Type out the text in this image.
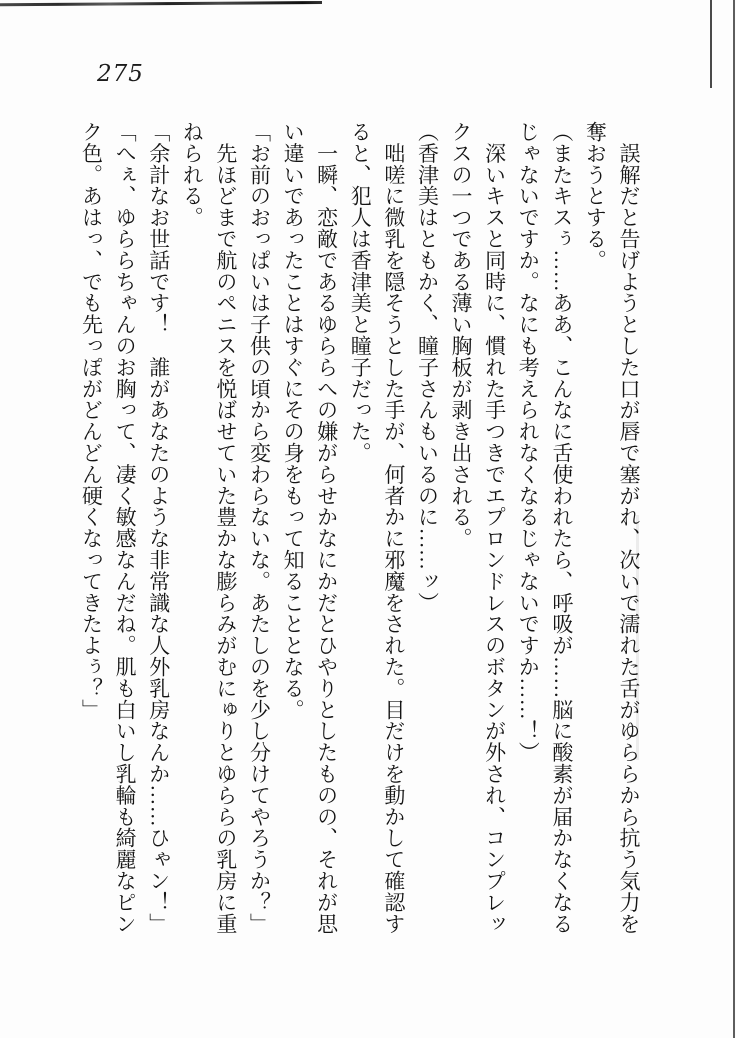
275
　誤解だと告げようとした口が唇で塞がれ、次いで濡れた舌がゆららから抗う気力を
奪おうとする。
（またキスぅ……ああ、こんなに舌使われたら、呼吸が……脳に酸素が届かなくなる
じゃないですか。なにも考えられなくなるじゃないですか……！）
　深いキスと同時に、慣れた手つきでエプロンドレスのボタンが外され、コンプレッ
クスの一つである薄い胸板が剥き出される。
（香津美はともかく、瞳子さんもいるのに……ッ）
　咄嗟に微乳を隠そうとした手が、何者かに邪魔をされた。目だけを動かして確認す
ると、犯人は香津美と瞳子だった。
　一瞬、恋敵であるゆららへの嫌がらせかなにかだとひやりとしたものの、それが思
い違いであったことはすぐにその身をもって知ることとなる。
「お前のおっぱいは子供の頃から変わらないな。あたしのを少し分けてやろうか？」
　先ほどまで航のペニスを悦ばせていた豊かな膨らみがむにゅりとゆららの乳房に重
ねられる。
「余計なお世話です！　誰があなたのような非常識な人外乳房なんか……ひゃン！」
「へぇ、ゆららちゃんのお胸って、凄く敏感なんだね。肌も白いし乳輪も綺麗なピン
ク色。あはっ、でも先っぽがどんどん硬くなってきたよぅ？」
